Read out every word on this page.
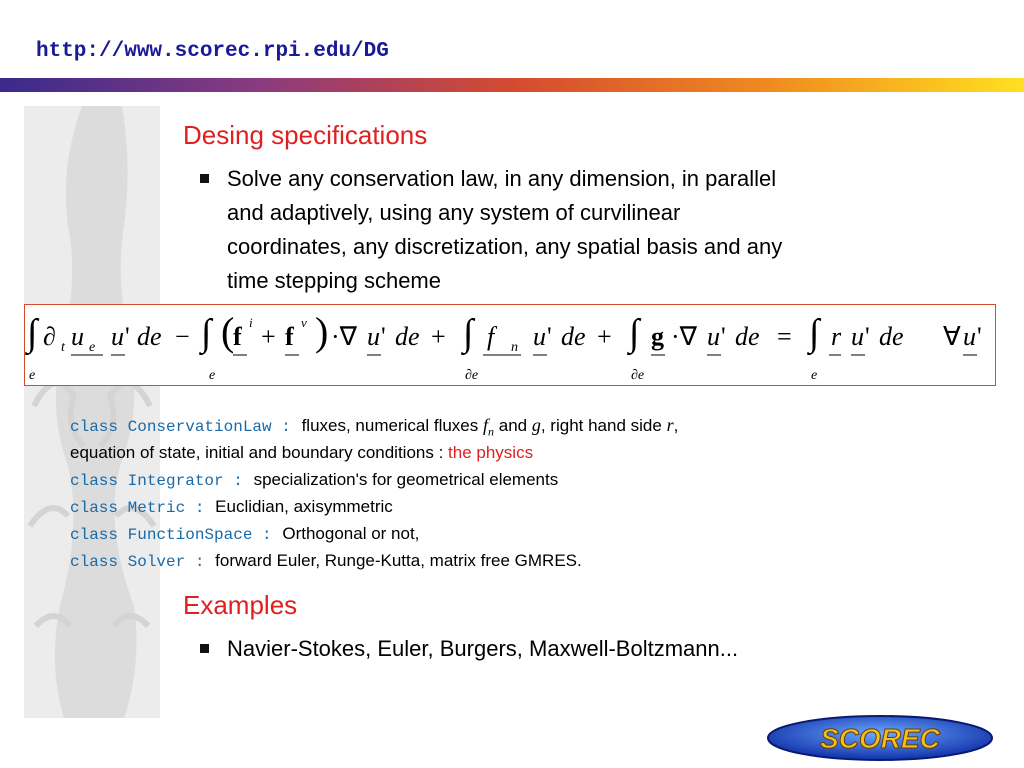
http://www.scorec.rpi.edu/DG
Desing specifications
Solve any conservation law, in any dimension, in parallel
and adaptively, using any system of curvilinear
coordinates, any discretization, any spatial basis and any
time stepping scheme
∫ ∂ t u e u ' de − ∫ (
f i + f v ) ·∇ u ' de + ∫ f n u ' de + ∫ g ·∇ u ' de = ∫ r u ' de ∀ u '
e	e	∂e	∂e	e
class ConservationLaw : fluxes, numerical fluxes $f_n$ and g, right hand side r,
equation of state, initial and boundary conditions : the physics
class Integrator : specialization's for geometrical elements
class Metric : Euclidian, axisymmetric
class FunctionSpace : Orthogonal or not,
class Solver : forward Euler, Runge-Kutta, matrix free GMRES.
Examples
Navier-Stokes, Euler, Burgers, Maxwell-Boltzmann...
SCOREC
